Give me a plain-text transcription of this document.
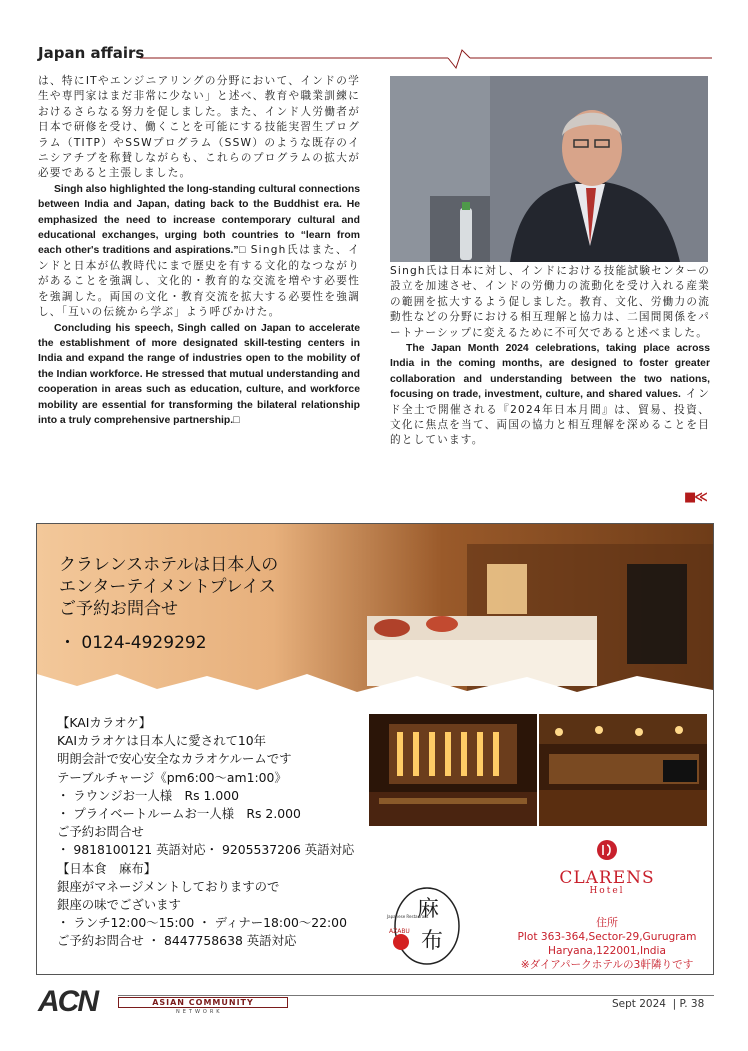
Japan affairs

は、特にITやエンジニアリングの分野において、インドの学生や専門家はまだ非常に少ない」と述べ、教育や職業訓練におけるさらなる努力を促しました。また、インド人労働者が日本で研修を受け、働くことを可能にする技能実習生プログラム（TITP）やSSWプログラム（SSW）のような既存のイニシアチブを称賛しながらも、これらのプログラムの拡大が必要であると主張しました。

Singh also highlighted the long-standing cultural connections between India and Japan, dating back to the Buddhist era. He emphasized the need to increase contemporary cultural and educational exchanges, urging both countries to “learn from each other's traditions and aspirations.”□ Singh氏はまた、インドと日本が仏教時代にまで歴史を有する文化的なつながりがあることを強調し、文化的・教育的な交流を増やす必要性を強調した。両国の文化・教育交流を拡大する必要性を強調し、「互いの伝統から学ぶ」よう呼びかけた。

Concluding his speech, Singh called on Japan to accelerate the establishment of more designated skill-testing centers in India and expand the range of industries open to the mobility of the Indian workforce. He stressed that mutual understanding and cooperation in areas such as education, culture, and workforce mobility are essential for transforming the bilateral relationship into a truly comprehensive partnership.□

Singh氏は日本に対し、インドにおける技能試験センターの設立を加速させ、インドの労働力の流動化を受け入れる産業の範囲を拡大するよう促しました。教育、文化、労働力の流動性などの分野における相互理解と協力は、二国間関係をパートナーシップに変えるために不可欠であると述べました。

The Japan Month 2024 celebrations, taking place across India in the coming months, are designed to foster greater collaboration and understanding between the two nations, focusing on trade, investment, culture, and shared values. インド全土で開催される『2024年日本月間』は、貿易、投資、文化に焦点を当て、両国の協力と相互理解を深めることを目的としています。

■≪
クラレンスホテルは日本人の
エンターテイメントプレイス
ご予約お問合せ
・ 0124-4929292
【KAIカラオケ】
KAIカラオケは日本人に愛されて10年
明朗会計で安心安全なカラオケルームです
テーブルチャージ《pm6:00～am1:00》
・ ラウンジお一人様　Rs 1.000
・ プライベートルームお一人様　Rs 2.000
ご予約お問合せ
・ 9818100121 英語対応・ 9205537206 英語対応
【日本食　麻布】
銀座がマネージメントしておりますので
銀座の味でございます
・ ランチ12:00～15:00 ・ ディナー18:00～22:00
ご予約お問合せ ・ 8447758638 英語対応
Japanese Restaurant
AZABU
麻
布
CLARENS
Hotel
住所
Plot 363-364,Sector-29,Gurugram
Haryana,122001,India
※ダイアパークホテルの3軒隣りです
ACN	ASIAN COMMUNITY
NETWORK
Sept 2024 | P. 38
